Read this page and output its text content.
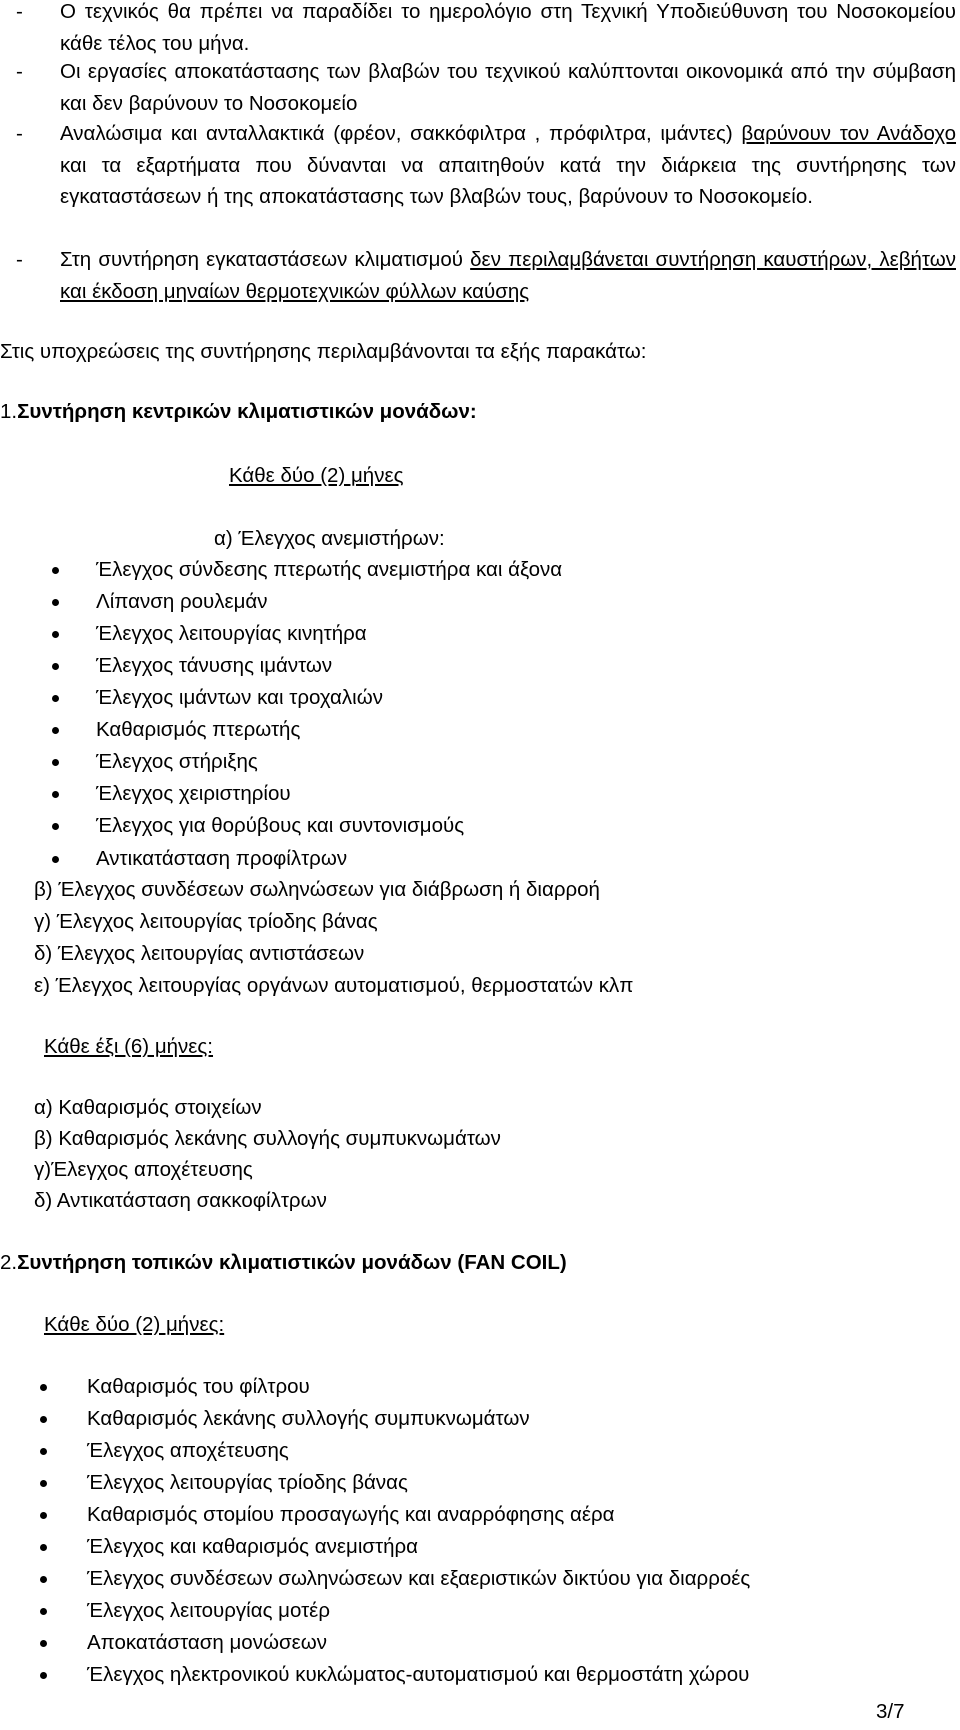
- Ο τεχνικός θα πρέπει να παραδίδει το ημερολόγιο στη Τεχνική Υποδιεύθυνση του Νοσοκομείου κάθε τέλος του μήνα.
- Οι εργασίες αποκατάστασης των βλαβών του τεχνικού καλύπτονται οικονομικά από την σύμβαση και δεν βαρύνουν το Νοσοκομείο
- Αναλώσιμα και ανταλλακτικά (φρέον, σακκόφιλτρα , πρόφιλτρα, ιμάντες) βαρύνουν τον Ανάδοχο και τα εξαρτήματα που δύνανται να απαιτηθούν κατά την διάρκεια της συντήρησης των εγκαταστάσεων ή της αποκατάστασης των βλαβών τους, βαρύνουν το Νοσοκομείο.
- Στη συντήρηση εγκαταστάσεων κλιματισμού δεν περιλαμβάνεται συντήρηση καυστήρων, λεβήτων και έκδοση μηναίων θερμοτεχνικών φύλλων καύσης
Στις υποχρεώσεις της συντήρησης περιλαμβάνονται τα εξής παρακάτω:
1.Συντήρηση κεντρικών κλιματιστικών μονάδων:
Κάθε δύο (2) μήνες
α) Έλεγχος ανεμιστήρων:
Έλεγχος σύνδεσης πτερωτής ανεμιστήρα και άξονα
Λίπανση ρουλεμάν
Έλεγχος λειτουργίας κινητήρα
Έλεγχος τάνυσης ιμάντων
Έλεγχος ιμάντων και τροχαλιών
Καθαρισμός πτερωτής
Έλεγχος στήριξης
Έλεγχος χειριστηρίου
Έλεγχος για θορύβους και συντονισμούς
Αντικατάσταση προφίλτρων
β) Έλεγχος συνδέσεων σωληνώσεων για διάβρωση ή διαρροή
γ) Έλεγχος λειτουργίας τρίοδης βάνας
δ) Έλεγχος λειτουργίας αντιστάσεων
ε) Έλεγχος λειτουργίας οργάνων αυτοματισμού, θερμοστατών κλπ
Κάθε έξι (6) μήνες:
α) Καθαρισμός στοιχείων
β) Καθαρισμός λεκάνης συλλογής συμπυκνωμάτων
γ)Έλεγχος αποχέτευσης
δ) Αντικατάσταση σακκοφίλτρων
2.Συντήρηση τοπικών κλιματιστικών μονάδων (FAN COIL)
Κάθε δύο (2) μήνες:
Καθαρισμός του φίλτρου
Καθαρισμός λεκάνης συλλογής συμπυκνωμάτων
Έλεγχος αποχέτευσης
Έλεγχος λειτουργίας τρίοδης βάνας
Καθαρισμός στομίου προσαγωγής και αναρρόφησης αέρα
Έλεγχος και καθαρισμός ανεμιστήρα
Έλεγχος συνδέσεων σωληνώσεων και εξαεριστικών δικτύου για διαρροές
Έλεγχος λειτουργίας μοτέρ
Αποκατάσταση μονώσεων
Έλεγχος ηλεκτρονικού κυκλώματος-αυτοματισμού και θερμοστάτη χώρου
3/7
